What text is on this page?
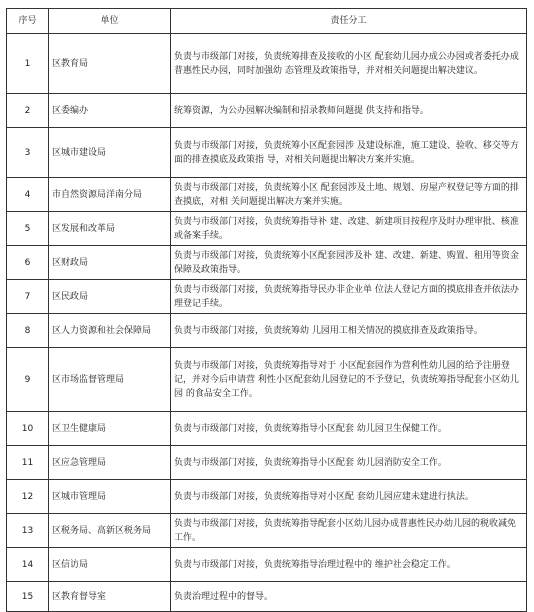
序号	单位	责任分工
1	区教育局	负责与市级部门对接，负责统筹排查及接收的小区 配套幼儿园办成公办园或者委托办成普惠性民办园，同时加强幼 态管理及政策指导，并对相关问题提出解决建议。
2	区委编办	统筹资源，为公办园解决编制和招录教师问题提 供支持和指导。
3	区城市建设局	负责与市级部门对接，负责统筹小区配套园涉 及建设标准，施工建设、验收、移交等方面的排查摸底及政策指 导，对相关问题提出解决方案并实施。
4	市自然资源局洋南分局	负责与市级部门对接，负责统筹小区 配套园涉及土地、规划、房屋产权登记等方面的排查摸底，对相 关问题提出解决方案并实施。
5	区发展和改革局	负责与市级部门对接，负责统筹指导补 建、改建、新建项目按程序及时办理审批、核准或备案手续。
6	区财政局	负责与市级部门对接，负责统筹小区配套园涉及补 建、改建、新建、购置、租用等资金保障及政策指导。
7	区民政局	负责与市级部门对接，负责统筹指导民办非企业单 位法人登记方面的摸底排查并依法办理登记手续。
8	区人力资源和社会保障局	负责与市级部门对接，负责统筹幼 儿园用工相关情况的摸底排查及政策指导。
9	区市场监督管理局	负责与市级部门对接，负责统筹指导对于 小区配套园作为营利性幼儿园的给予注册登记，并对今后申请营 利性小区配套幼儿园登记的不予登记，负责统筹指导配套小区幼儿园 的食品安全工作。
10	区卫生健康局	负责与市级部门对接，负责统筹指导小区配套 幼儿园卫生保健工作。
11	区应急管理局	负责与市级部门对接，负责统筹指导小区配套 幼儿园消防安全工作。
12	区城市管理局	负责与市级部门对接，负责统筹指导对小区配 套幼儿园应建未建进行执法。
13	区税务局、高新区税务局	负责与市级部门对接，负责统筹指导配套小区幼儿园办成普惠性民办幼儿园的税收减免工作。
14	区信访局	负责与市级部门对接，负责统筹指导治理过程中的 维护社会稳定工作。
15	区教育督导室	负责治理过程中的督导。
